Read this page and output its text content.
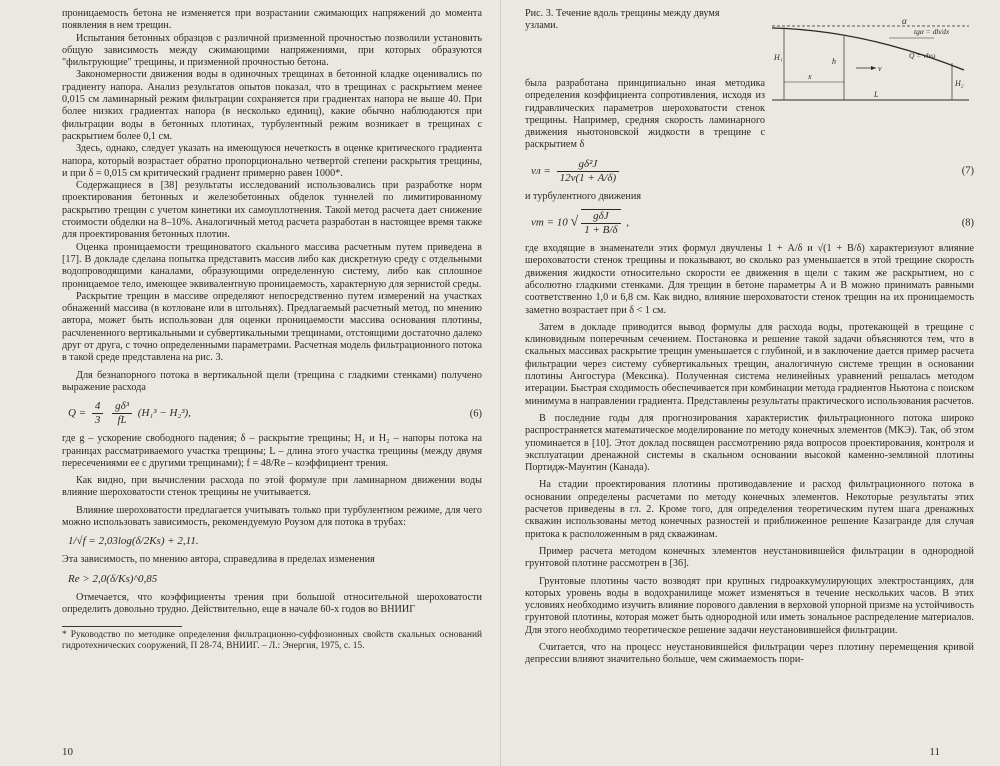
проницаемость бетона не изменяется при возрастании сжимающих напряжений до момента появления в нем трещин.

Испытания бетонных образцов с различной призменной прочностью позволили установить общую зависимость между сжимающими напряжениями, при которых образуются "фильтрующие" трещины, и призменной прочностью бетона.

Закономерности движения воды в одиночных трещинах в бетонной кладке оценивались по градиенту напора. Анализ результатов опытов показал, что в трещинах с раскрытием менее 0,015 см ламинарный режим фильтрации сохраняется при градиентах напора не выше 40. При более низких градиентах напора (в несколько единиц), какие обычно наблюдаются при фильтрации воды в бетонных плотинах, турбулентный режим возникает в трещинах с раскрытием более 0,1 см.

Здесь, однако, следует указать на имеющуюся нечеткость в оценке критического градиента напора, который возрастает обратно пропорционально четвертой степени раскрытия трещины, и при δ = 0,015 см критический градиент примерно равен 1000*.

Содержащиеся в [38] результаты исследований использовались при разработке норм проектирования бетонных и железобетонных обделок туннелей по лимитированному раскрытию трещин с учетом кинетики их самоуплотнения. Такой метод расчета дает снижение стоимости обделки на 8–10%. Аналогичный метод расчета разработан в настоящее время также для проектирования бетонных плотин.

Оценка проницаемости трещиноватого скального массива расчетным путем приведена в [17]. В докладе сделана попытка представить массив либо как дискретную среду с отдельными водопроводящими каналами, образующими определенную систему, либо как сплошное проницаемое тело, имеющее эквивалентную проницаемость, характерную для зернистой среды.

Раскрытие трещин в массиве определяют непосредственно путем измерений на участках обнажений массива (в котловане или в штольнях). Предлагаемый расчетный метод, по мнению автора, может быть использован для оценки проницаемости массива основания плотины, расчлененного вертикальными и субвертикальными трещинами, отстоящими достаточно далеко друг от друга, с точно определенными параметрами. Расчетная модель фильтрационного потока в такой среде представлена на рис. 3.

Для безнапорного потока в вертикальной щели (трещина с гладкими стенками) получено выражение расхода

$Q = \frac{4}{3}$
$\frac{\text{gδ³}}{fL} (H_1^3 - H_2^3)$,	(6)

где g – ускорение свободного падения; δ – раскрытие трещины; H₁ и H₂ – напоры потока на границах рассматриваемого участка трещины; L – длина этого участка трещины (между двумя пересечениями ее с другими трещинами); f = 48/Re – коэффициент трения.

Как видно, при вычислении расхода по этой формуле при ламинарном движении воды влияние шероховатости стенок трещины не учитывается.

Влияние шероховатости предлагается учитывать только при турбулентном режиме, для чего можно использовать зависимость, рекомендуемую Роузом для потока в трубах:

1/√f = 2,03log(δ/2Ks) + 2,11.

Эта зависимость, по мнению автора, справедлива в пределах изменения

Re > 2,0(δ/Ks)^0,85

Отмечается, что коэффициенты трения при большой относительной шероховатости определить довольно трудно. Действительно, еще в начале 60-х годов во ВНИИГ

* Руководство по методике определения фильтрационно-суффозионных свойств скальных оснований гидротехнических сооружений, П 28-74, ВНИИГ. – Л.: Энергия, 1975, с. 15.
10
Рис. 3. Течение вдоль трещины между двумя узлами.
H₁	h
x
v
α
tgα = dh/dx
Q = vhω
H₂
L

была разработана принципиально иная методика определения коэффициента сопротивления, исходя из гидравлических параметров шероховатости стенок трещины. Например, средняя скорость ламинарного движения ньютоновской жидкости в трещине с раскрытием δ

vл = $\frac{\text{gδ²J}}{12\nu(1 + A/\delta)}$	(7)

и турбулентного движения

vт = 10 √ $\frac{\text{gδJ}}{1 + B/\delta}$ ,	(8)

где входящие в знаменатели этих формул двучлены 1 + A/δ и √(1 + B/δ) характеризуют влияние шероховатости стенок трещины и показывают, во сколько раз уменьшается в этой трещине скорость движения жидкости относительно скорости ее движения в щели с таким же раскрытием, но с абсолютно гладкими стенками. Для трещин в бетоне параметры A и B можно принимать равными соответственно 1,0 и 6,8 см. Как видно, влияние шероховатости стенок трещин на их проницаемость заметно возрастает при δ < 1 см.

Затем в докладе приводится вывод формулы для расхода воды, протекающей в трещине с клиновидным поперечным сечением. Постановка и решение такой задачи объясняются тем, что в скальных массивах раскрытие трещин уменьшается с глубиной, и в заключение дается пример расчета фильтрации через систему субвертикальных трещин, аналогичную системе трещин в основании плотины Ангостура (Мексика). Полученная система нелинейных уравнений решалась методом итерации. Быстрая сходимость обеспечивается при комбинации метода градиентов Ньютона с поиском минимума в направлении градиента. Представлены результаты практического использования расчетов.

В последние годы для прогнозирования характеристик фильтрационного потока широко распространяется математическое моделирование по методу конечных элементов (МКЭ). Так, об этом упоминается в [10]. Этот доклад посвящен рассмотрению ряда вопросов проектирования, контроля и эксплуатации дренажной системы в скальном основании высокой каменно-земляной плотины Портидж-Маунтин (Канада).

На стадии проектирования плотины противодавление и расход фильтрационного потока в основании определены расчетами по методу конечных элементов. Некоторые результаты этих расчетов приведены в гл. 2. Кроме того, для определения теоретическим путем шага дренажных скважин использованы метод конечных разностей и приближенное решение Казагранде для случая притока к расположенным в ряд скважинам.

Пример расчета методом конечных элементов неустановившейся фильтрации в однородной грунтовой плотине рассмотрен в [36].

Грунтовые плотины часто возводят при крупных гидроаккумулирующих электростанциях, для которых уровень воды в водохранилище может изменяться в течение нескольких часов. В этих условиях необходимо изучить влияние порового давления в верховой упорной призме на устойчивость грунтовой плотины, которая может быть однородной или иметь зональное распределение материалов. Для этого необходимо теоретическое решение задачи неустановившейся фильтрации.

Считается, что на процесс неустановившейся фильтрации через плотину перемещения кривой депрессии влияют значительно больше, чем сжимаемость пори-

11
